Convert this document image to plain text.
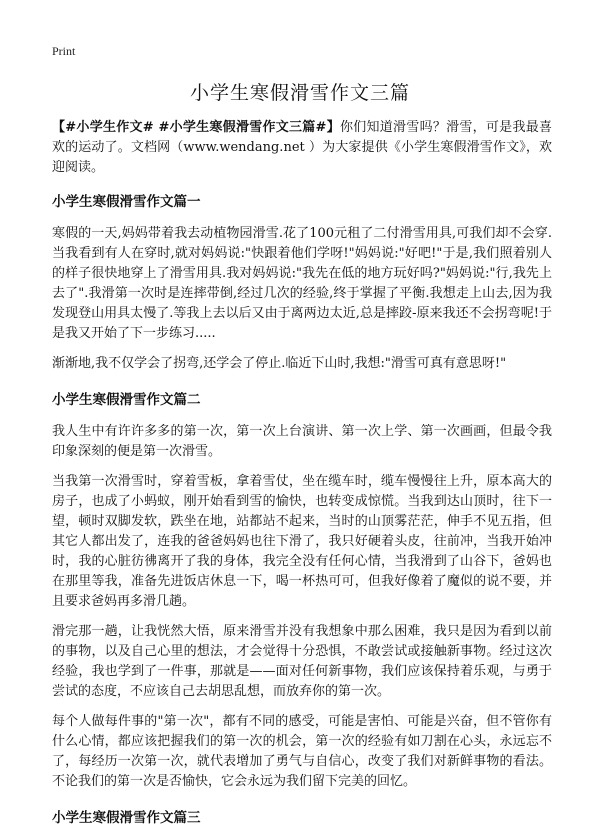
Print
小学生寒假滑雪作文三篇

【#小学生作文# #小学生寒假滑雪作文三篇#】你们知道滑雪吗？滑雪，可是我最喜欢的运动了。文档网（www.wendang.net ）为大家提供《小学生寒假滑雪作文》，欢迎阅读。

小学生寒假滑雪作文篇一

寒假的一天,妈妈带着我去动植物园滑雪.花了100元租了二付滑雪用具,可我们却不会穿.当我看到有人在穿时,就对妈妈说:"快跟着他们学呀!"妈妈说:"好吧!"于是,我们照着别人的样子很快地穿上了滑雪用具.我对妈妈说:"我先在低的地方玩好吗?"妈妈说:"行,我先上去了".我滑第一次时是连摔带倒,经过几次的经验,终于掌握了平衡.我想走上山去,因为我发现登山用具太慢了.等我上去以后又由于离两边太近,总是摔跤-原来我还不会拐弯呢!于是我又开始了下一步练习.....

渐渐地,我不仅学会了拐弯,还学会了停止.临近下山时,我想:"滑雪可真有意思呀!"

小学生寒假滑雪作文篇二

我人生中有许许多多的第一次，第一次上台演讲、第一次上学、第一次画画，但最令我印象深刻的便是第一次滑雪。

当我第一次滑雪时，穿着雪板，拿着雪仗，坐在缆车时，缆车慢慢往上升，原本高大的房子，也成了小蚂蚁，刚开始看到雪的愉快，也转变成惊慌。当我到达山顶时，往下一望，顿时双脚发软，跌坐在地，站都站不起来，当时的山顶雾茫茫，伸手不见五指，但其它人都出发了，连我的爸爸妈妈也往下滑了，我只好硬着头皮，往前冲，当我开始冲时，我的心脏彷彿离开了我的身体，我完全没有任何心情，当我滑到了山谷下，爸妈也在那里等我，准备先进饭店休息一下，喝一杯热可可，但我好像着了魔似的说不要，并且要求爸妈再多滑几趟。

滑完那一趟，让我恍然大悟，原来滑雪并没有我想象中那么困难，我只是因为看到以前的事物，以及自己心里的想法，才会觉得十分恐惧，不敢尝试或接触新事物。经过这次经验，我也学到了一件事，那就是——面对任何新事物，我们应该保持着乐观，与勇于尝试的态度，不应该自己去胡思乱想，而放弃你的第一次。

每个人做每件事的"第一次"，都有不同的感受，可能是害怕、可能是兴奋，但不管你有什么心情，都应该把握我们的第一次的机会，第一次的经验有如刀割在心头，永远忘不了，每经历一次第一次，就代表增加了勇气与自信心，改变了我们对新鲜事物的看法。不论我们的第一次是否愉快，它会永远为我们留下完美的回忆。

小学生寒假滑雪作文篇三
